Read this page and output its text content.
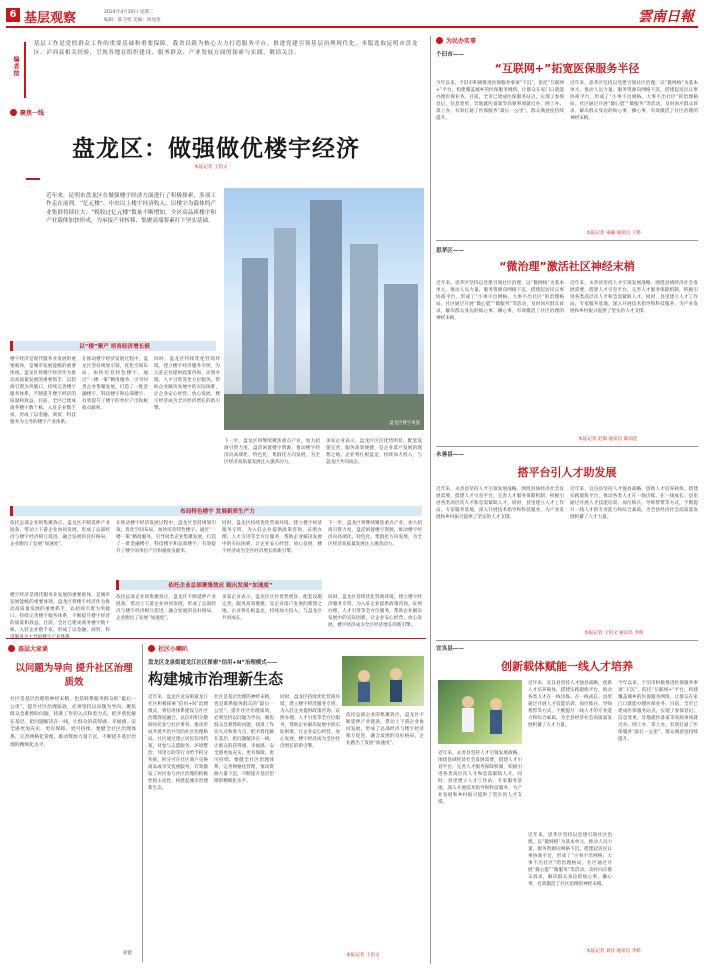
6 基层观察	2024年4月30日 星期二
编辑：陈卫旭 美编：周加金	雲南日報
编者按
基层工作是党的群众工作的重要基础和重要保障。我省以镇为核心大力打造服务平台，推进党建引领基层治理现代化。本版选取昆明市盘龙区、泸西县相关经验，呈现各地在组织建设、服务群众、产业发展方面的探索与实践，敬请关注。
聚焦一线
盘龙区：做强做优楼宇经济
本报记者 王伯文
近年来，昆明市盘龙区在做强楼宇经济方面进行了积极探索，多项工作走在前列。“亿元楼”、中央以上楼宇经济收入、以楼宇为载体的产业集群持续壮大；“税收过亿元楼”数量不断增加，全区高品质楼宇和产业载体加快形成，为承接产业转移、集聚高端要素打下坚实基础。
盘龙区楼宇风貌
以“楼”聚产 培育经济增长极
楼宇经济是现代服务业发展的重要载体，是城市发展能级的重要体现。盘龙区将楼宇经济作为推动高质量发展的重要抓手，以招商引资为突破口，持续完善楼宇服务体系，不断提升楼宇经济的质量和效益。目前，全区已建成商务楼宇数十栋，入驻企业数千家，形成了以金融、商贸、科技服务为主导的楼宇产业体系。
在推动楼宇经济发展过程中，盘龙区坚持规划引领，优化空间布局，加快培育特色楼宇。通过“一楼一策”精准服务，引导同类企业集聚发展，打造了一批金融楼宇、科技楼宇和总部楼宇，有效提升了楼宇的单位产出和税收贡献率。
同时，盘龙区持续优化营商环境，建立楼宇经济服务专班，为入驻企业提供政策咨询、证照办理、人才引进等全方位服务，帮助企业解决发展中的实际困难，让企业安心经营、放心发展，楼宇经济成为全区经济增长的新引擎。
下一步，盘龙区将继续聚焦重点产业，加大招商引资力度，盘活闲置楼宇资源，推动楼宇经济向高端化、特色化、集群化方向发展，为全区经济高质量发展注入强劲动力。
多家企业表示，盘龙区区位优势明显，配套设施完善，服务高效便捷，是企业落户发展的理想之地。企业将扎根盘龙，持续加大投入，与盘龙区共同成长。
布局特色楼宇 发展新质生产力
依托总部企业的集聚效应，盘龙区不断延伸产业链条，带动上下游企业协同发展，形成了总部经济与楼宇经济相互促进、融合发展的良好格局，企业跑出了发展“加速度”。
在推动楼宇经济发展过程中，盘龙区坚持规划引领，优化空间布局，加快培育特色楼宇。通过“一楼一策”精准服务，引导同类企业集聚发展，打造了一批金融楼宇、科技楼宇和总部楼宇，有效提升了楼宇的单位产出和税收贡献率。
同时，盘龙区持续优化营商环境，建立楼宇经济服务专班，为入驻企业提供政策咨询、证照办理、人才引进等全方位服务，帮助企业解决发展中的实际困难，让企业安心经营、放心发展，楼宇经济成为全区经济增长的新引擎。
下一步，盘龙区将继续聚焦重点产业，加大招商引资力度，盘活闲置楼宇资源，推动楼宇经济向高端化、特色化、集群化方向发展，为全区经济高质量发展注入强劲动力。
依托企业总部聚集效应 跑出发展“加速度”
楼宇经济是现代服务业发展的重要载体，是城市发展能级的重要体现。盘龙区将楼宇经济作为推动高质量发展的重要抓手，以招商引资为突破口，持续完善楼宇服务体系，不断提升楼宇经济的质量和效益。目前，全区已建成商务楼宇数十栋，入驻企业数千家，形成了以金融、商贸、科
依托总部企业的集聚效应，盘龙区不断延伸产业链条，带动上下游企业协同发展，形成了总部经济与楼宇经济相互促进、融合发展的良好格局，企业跑出了发展“加速度”。
多家企业表示，盘龙区区位优势明显，配套设施完善，服务高效便捷，是企业落户发展的理想之地。企业将扎根盘龙，持续加大投入，与盘龙区共同成长。
同时，盘龙区持续优化营商环境，建立楼宇经济服务专班，为入驻企业提供政策咨询、证照办理、人才引进等全方位服务，帮助企业解决发展中的实际困难，让企业安心经营、放心发展，楼宇经济成为全区经济增长的新引擎。
基层大家谈
以问题为导向 提升社区治理质效
社区是基层治理的神经末梢，也是联系服务群众的“最后一公里”。提升社区治理质效，必须坚持以问题为导向，聚焦群众急难愁盼问题，找准工作切入点和着力点，把矛盾化解在基层、把问题解决在一线，让群众的获得感、幸福感、安全感更加充实、更有保障、更可持续。要健全社区治理体系，完善网格化管理，推动资源力量下沉，不断提升基层治理的精细化水平。
胡健
社区小喇叭
盘龙区龙泉街道龙江社区探索“信用+N”治理模式——
构建城市治理新生态
近年来，盘龙区龙泉街道龙江社区积极探索“信用+N”治理模式，将信用体系建设与社区治理深度融合，以信用积分激励居民参与社区事务，推动形成共建共治共享的社区治理格局。社区通过建立居民信用档案，对参与志愿服务、环境整治、邻里互助等行为给予积分奖励，积分可在社区商户兑换商品或享受优惠服务，有效激发了居民参与社区治理的积极性和主动性，构建起城市治理新生态。
社区是基层治理的神经末梢，也是联系服务群众的“最后一公里”。提升社区治理质效，必须坚持以问题为导向，聚焦群众急难愁盼问题，找准工作切入点和着力点，把矛盾化解在基层、把问题解决在一线，让群众的获得感、幸福感、安全感更加充实、更有保障、更可持续。要健全社区治理体系，完善网格化管理，推动资源力量下沉，不断提升基层治理的精细化水平。
同时，盘龙区持续优化营商环境，建立楼宇经济服务专班，为入驻企业提供政策咨询、证照办理、人才引进等全方位服务，帮助企业解决发展中的实际困难，让企业安心经营、放心发展，楼宇经济成为全区经济增长的新引擎。
依托总部企业的集聚效应，盘龙区不断延伸产业链条，带动上下游企业协同发展，形成了总部经济与楼宇经济相互促进、融合发展的良好格局，企业跑出了发展“加速度”。
本报记者 王伯文
为民办实事
个旧市——
“互联网+”拓宽医保服务半径
今年以来，个旧市积极推进医保服务事项“下沉”，依托“互联网+”平台，构建覆盖城乡的医保服务网络，让群众在家门口就能办理医保业务。目前，全市已建成医保服务站点，实现了参保登记、信息变更、异地就医备案等高频事项就近办、网上办、掌上办，有效打通了医保服务“最后一公里”，群众满意度持续提升。
近年来，思茅区坚持以党建引领社区治理，以“微网格”为基本单元，推动人员力量、服务资源向网格下沉，搭建起居民议事协商平台，形成了“小事不出网格、大事不出社区”的治理格局。社区通过开展“微心愿”“微服务”等活动，及时回应群众诉求，解决群众身边的烦心事、操心事，有效激活了社区治理的神经末梢。
本报记者 朱曦 通讯员 王娇
思茅区——
“微治理”激活社区神经末梢
近年来，思茅区坚持以党建引领社区治理，以“微网格”为基本单元，推动人员力量、服务资源向网格下沉，搭建起居民议事协商平台，形成了“小事不出网格、大事不出社区”的治理格局。社区通过开展“微心愿”“微服务”等活动，及时回应群众诉求，解决群众身边的烦心事、操心事，有效激活了社区治理的神经末梢。
近年来，永善县坚持人才引领发展战略，围绕县域经济社会发展需要，搭建人才引育平台，完善人才服务保障机制，积极引进各类高层次人才和急需紧缺人才。同时，县里建立人才工作站、专家服务基地，深入开展技术指导和科技服务，为产业发展和乡村振兴提供了坚实的人才支撑。
本报记者 赵瑞 通讯员 陈雨佳
永善县——
搭平台引人才助发展
近年来，永善县坚持人才引领发展战略，围绕县域经济社会发展需要，搭建人才引育平台，完善人才服务保障机制，积极引进各类高层次人才和急需紧缺人才。同时，县里建立人才工作站、专家服务基地，深入开展技术指导和科技服务，为产业发展和乡村振兴提供了坚实的人才支撑。
近年来，宜良县坚持人才强县战略，创新人才培养载体，搭建实践锻炼平台，推动各类人才在一线历练、在一线成长。县里通过开展人才技能培训、岗位练兵、导师帮带等方式，不断提升一线人才的专业能力和综合素质，为全县经济社会高质量发展积蓄了人才力量。
本报记者 王伯文 通讯员 李明
宜良县——
创新载体赋能一线人才培养
近年来，宜良县坚持人才强县战略，创新人才培养载体，搭建实践锻炼平台，推动各类人才在一线历练、在一线成长。县里通过开展人才技能培训、岗位练兵、导师帮带等方式，不断提升一线人才的专业能力和综合素质，为全县经济社会高质量发展积蓄了人才力量。
今年以来，个旧市积极推进医保服务事项“下沉”，依托“互联网+”平台，构建覆盖城乡的医保服务网络，让群众在家门口就能办理医保业务。目前，全市已建成医保服务站点，实现了参保登记、信息变更、异地就医备案等高频事项就近办、网上办、掌上办，有效打通了医保服务“最后一公里”，群众满意度持续提升。
近年来，永善县坚持人才引领发展战略，围绕县域经济社会发展需要，搭建人才引育平台，完善人才服务保障机制，积极引进各类高层次人才和急需紧缺人才。同时，县里建立人才工作站、专家服务基地，深入开展技术指导和科技服务，为产业发展和乡村振兴提供了坚实的人才支撑。
近年来，思茅区坚持以党建引领社区治理，以“微网格”为基本单元，推动人员力量、服务资源向网格下沉，搭建起居民议事协商平台，形成了“小事不出网格、大事不出社区”的治理格局。社区通过开展“微心愿”“微服务”等活动，及时回应群众诉求，解决群众身边的烦心事、操心事，有效激活了社区治理的神经末梢。
本报记者 刘洋 通讯员 李娇
